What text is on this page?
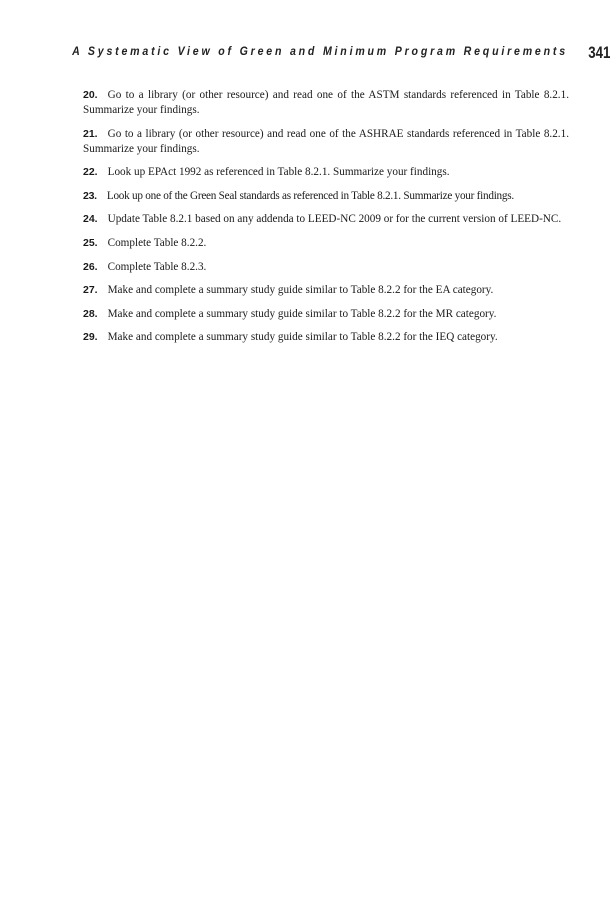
A Systematic View of Green and Minimum Program Requirements 341
20. Go to a library (or other resource) and read one of the ASTM standards referenced in Table 8.2.1. Summarize your findings.
21. Go to a library (or other resource) and read one of the ASHRAE standards referenced in Table 8.2.1. Summarize your findings.
22. Look up EPAct 1992 as referenced in Table 8.2.1. Summarize your findings.
23. Look up one of the Green Seal standards as referenced in Table 8.2.1. Summarize your findings.
24. Update Table 8.2.1 based on any addenda to LEED-NC 2009 or for the current version of LEED-NC.
25. Complete Table 8.2.2.
26. Complete Table 8.2.3.
27. Make and complete a summary study guide similar to Table 8.2.2 for the EA category.
28. Make and complete a summary study guide similar to Table 8.2.2 for the MR category.
29. Make and complete a summary study guide similar to Table 8.2.2 for the IEQ category.
